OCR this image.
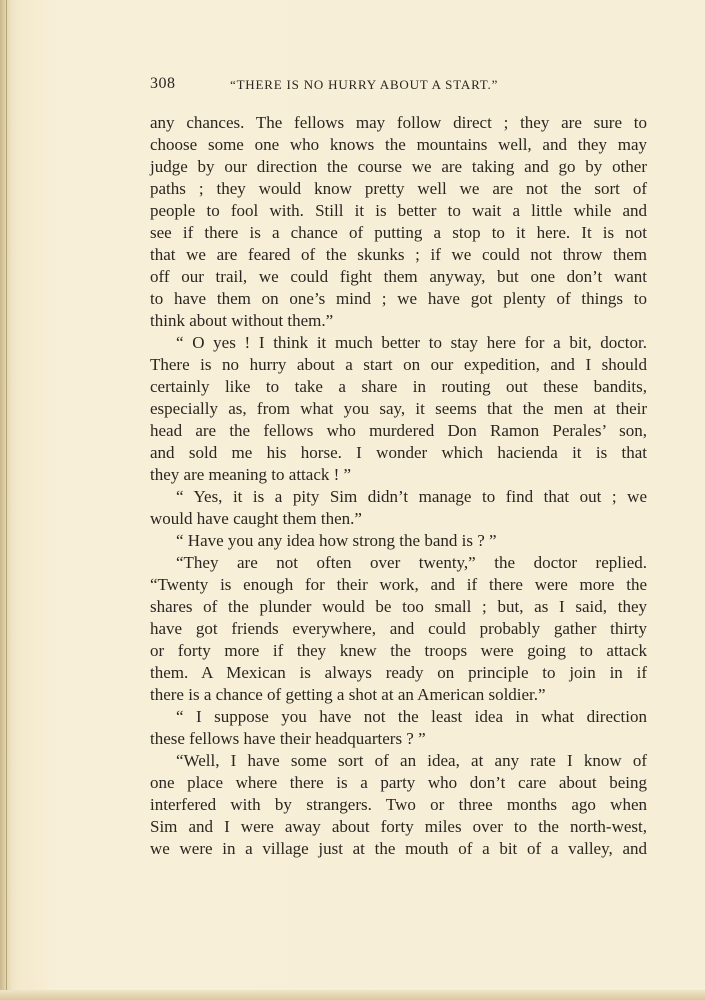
308	“THERE IS NO HURRY ABOUT A START.”
any chances. The fellows may follow direct ; they are sure to
choose some one who knows the mountains well, and they may
judge by our direction the course we are taking and go by other
paths ; they would know pretty well we are not the sort of
people to fool with. Still it is better to wait a little while and
see if there is a chance of putting a stop to it here. It is not
that we are feared of the skunks ; if we could not throw them
off our trail, we could fight them anyway, but one don’t want
to have them on one’s mind ; we have got plenty of things to
think about without them.”
“ O yes ! I think it much better to stay here for a bit, doctor.
There is no hurry about a start on our expedition, and I should
certainly like to take a share in routing out these bandits,
especially as, from what you say, it seems that the men at their
head are the fellows who murdered Don Ramon Perales’ son,
and sold me his horse. I wonder which hacienda it is that
they are meaning to attack ! ”
“ Yes, it is a pity Sim didn’t manage to find that out ; we
would have caught them then.”
“ Have you any idea how strong the band is ? ”
“They are not often over twenty,” the doctor replied.
“Twenty is enough for their work, and if there were more the
shares of the plunder would be too small ; but, as I said, they
have got friends everywhere, and could probably gather thirty
or forty more if they knew the troops were going to attack
them. A Mexican is always ready on principle to join in if
there is a chance of getting a shot at an American soldier.”
“ I suppose you have not the least idea in what direction
these fellows have their headquarters ? ”
“Well, I have some sort of an idea, at any rate I know of
one place where there is a party who don’t care about being
interfered with by strangers. Two or three months ago when
Sim and I were away about forty miles over to the north-west,
we were in a village just at the mouth of a bit of a valley, and
